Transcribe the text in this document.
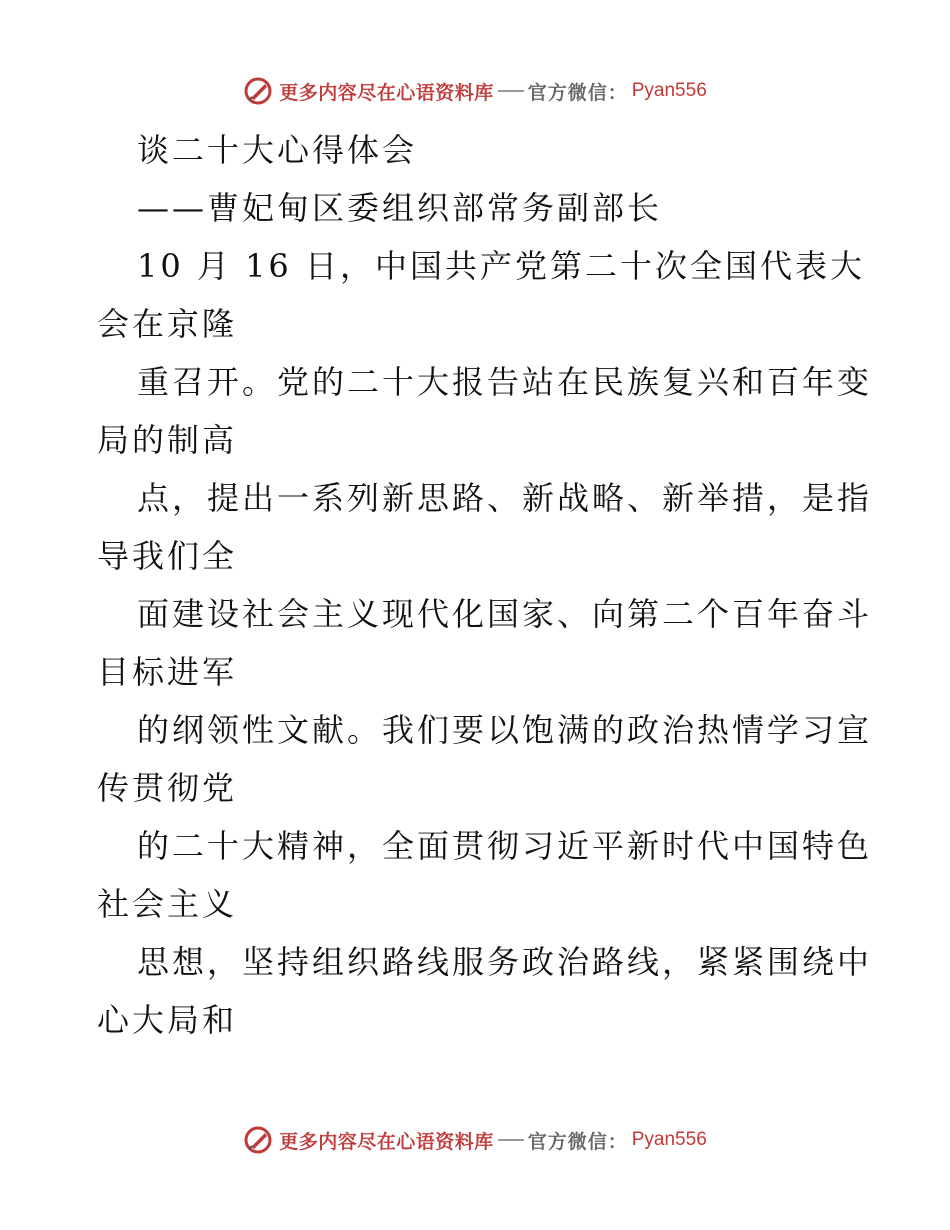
更多内容尽在心语资料库 官方微信： Pyan556
谈二十大心得体会
——曹妃甸区委组织部常务副部长
10 月 16 日，中国共产党第二十次全国代表大
会在京隆
重召开。党的二十大报告站在民族复兴和百年变
局的制高
点，提出一系列新思路、新战略、新举措，是指
导我们全
面建设社会主义现代化国家、向第二个百年奋斗
目标进军
的纲领性文献。我们要以饱满的政治热情学习宣
传贯彻党
的二十大精神，全面贯彻习近平新时代中国特色
社会主义
思想，坚持组织路线服务政治路线，紧紧围绕中
心大局和
更多内容尽在心语资料库 官方微信： Pyan556
